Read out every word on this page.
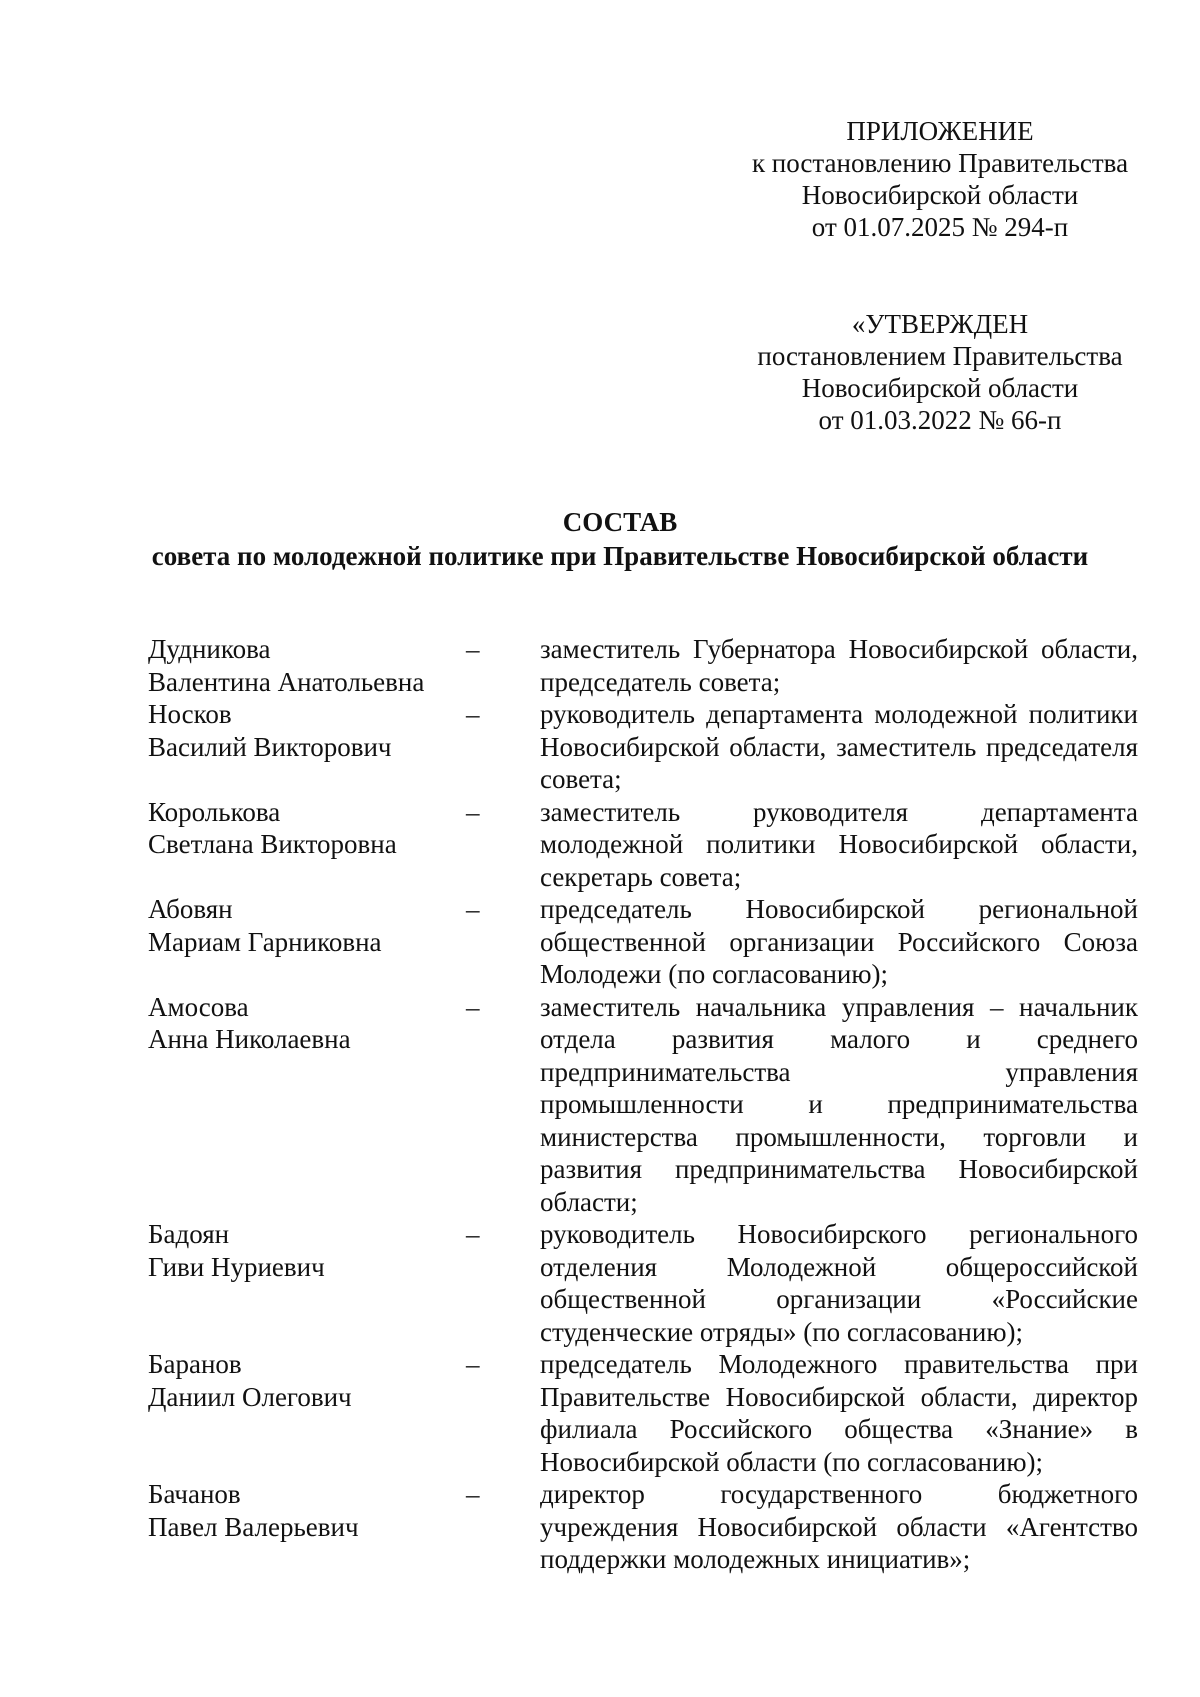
ПРИЛОЖЕНИЕ
к постановлению Правительства
Новосибирской области
от 01.07.2025 № 294-п
«УТВЕРЖДЕН
постановлением Правительства
Новосибирской области
от 01.03.2022 № 66-п
СОСТАВ
совета по молодежной политике при Правительстве Новосибирской области
Дудникова
Валентина Анатольевна
–	заместитель Губернатора Новосибирской области, председатель совета;
Носков
Василий Викторович
–	руководитель департамента молодежной политики Новосибирской области, заместитель председателя совета;
Королькова
Светлана Викторовна
–	заместитель руководителя департамента молодежной политики Новосибирской области, секретарь совета;
Абовян
Мариам Гарниковна
–	председатель Новосибирской региональной общественной организации Российского Союза Молодежи (по согласованию);
Амосова
Анна Николаевна
–	заместитель начальника управления – начальник отдела развития малого и среднего предпринимательства управления промышленности и предпринимательства министерства промышленности, торговли и развития предпринимательства Новосибирской области;
Бадоян
Гиви Нуриевич
–	руководитель Новосибирского регионального отделения Молодежной общероссийской общественной организации «Российские студенческие отряды» (по согласованию);
Баранов
Даниил Олегович
–	председатель Молодежного правительства при Правительстве Новосибирской области, директор филиала Российского общества «Знание» в Новосибирской области (по согласованию);
Бачанов
Павел Валерьевич
–	директор государственного бюджетного учреждения Новосибирской области «Агентство поддержки молодежных инициатив»;
